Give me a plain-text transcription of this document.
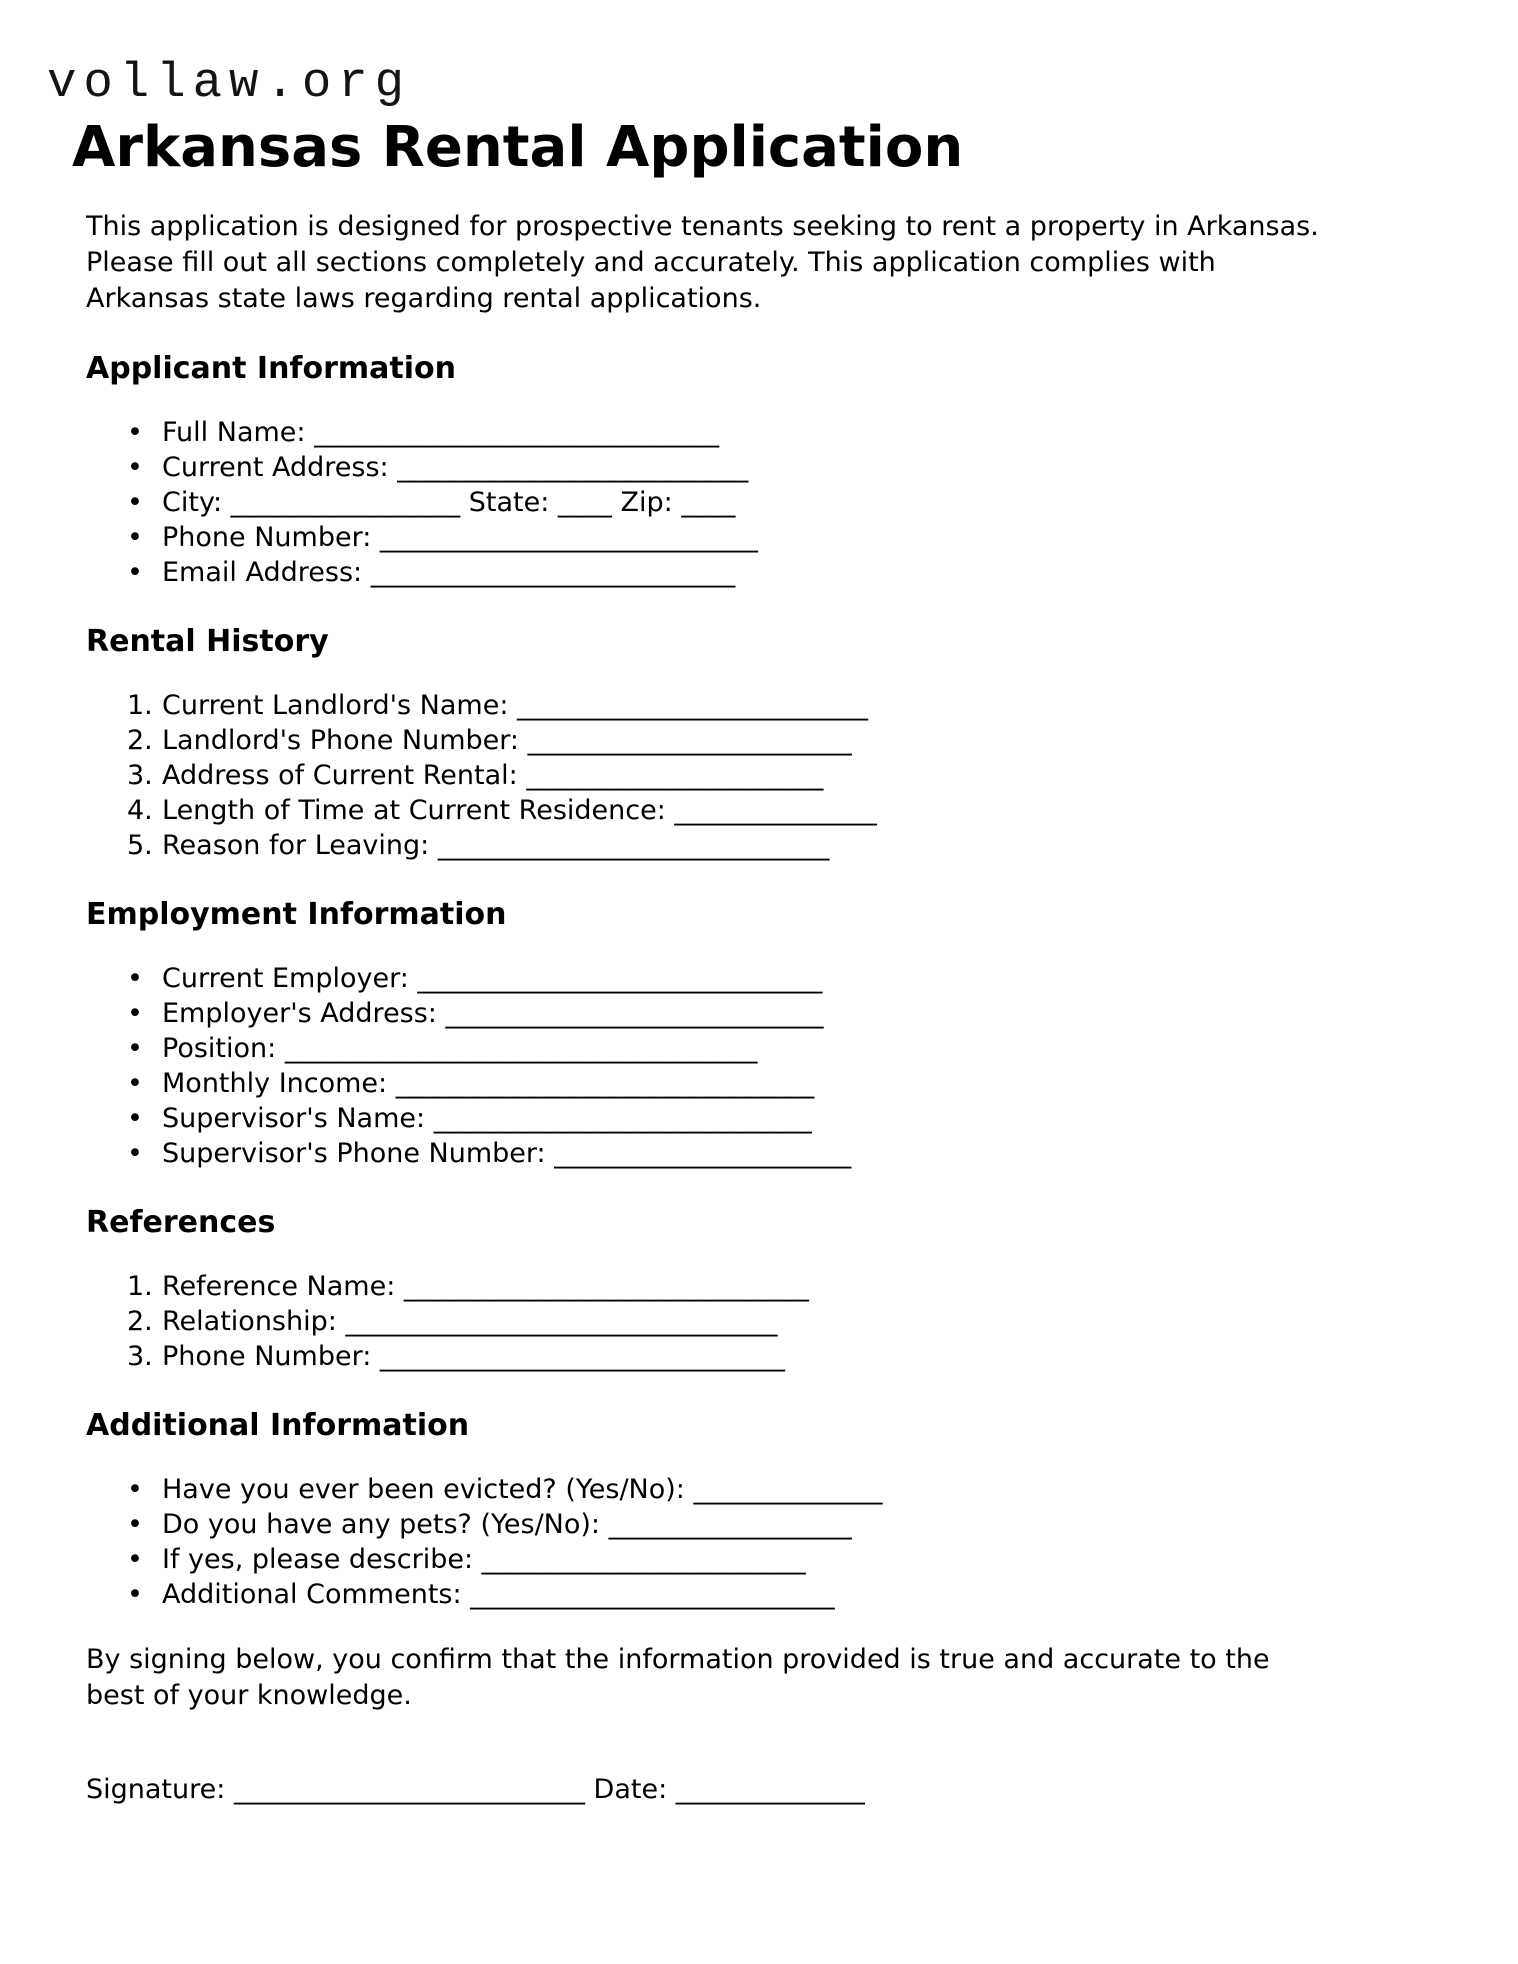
vollaw.org
Arkansas Rental Application
This application is designed for prospective tenants seeking to rent a property in Arkansas.
Please fill out all sections completely and accurately. This application complies with
Arkansas state laws regarding rental applications.
Applicant Information
• Full Name: ______________________________
• Current Address: __________________________
• City: _________________ State: ____ Zip: ____
• Phone Number: ____________________________
• Email Address: ___________________________
Rental History
1. Current Landlord's Name: __________________________
2. Landlord's Phone Number: ________________________
3. Address of Current Rental: ______________________
4. Length of Time at Current Residence: _______________
5. Reason for Leaving: _____________________________
Employment Information
• Current Employer: ______________________________
• Employer's Address: ____________________________
• Position: ___________________________________
• Monthly Income: _______________________________
• Supervisor's Name: ____________________________
• Supervisor's Phone Number: ______________________
References
1. Reference Name: ______________________________
2. Relationship: ________________________________
3. Phone Number: ______________________________
Additional Information
• Have you ever been evicted? (Yes/No): ______________
• Do you have any pets? (Yes/No): __________________
• If yes, please describe: ________________________
• Additional Comments: ___________________________
By signing below, you confirm that the information provided is true and accurate to the
best of your knowledge.
Signature: __________________________ Date: ______________
